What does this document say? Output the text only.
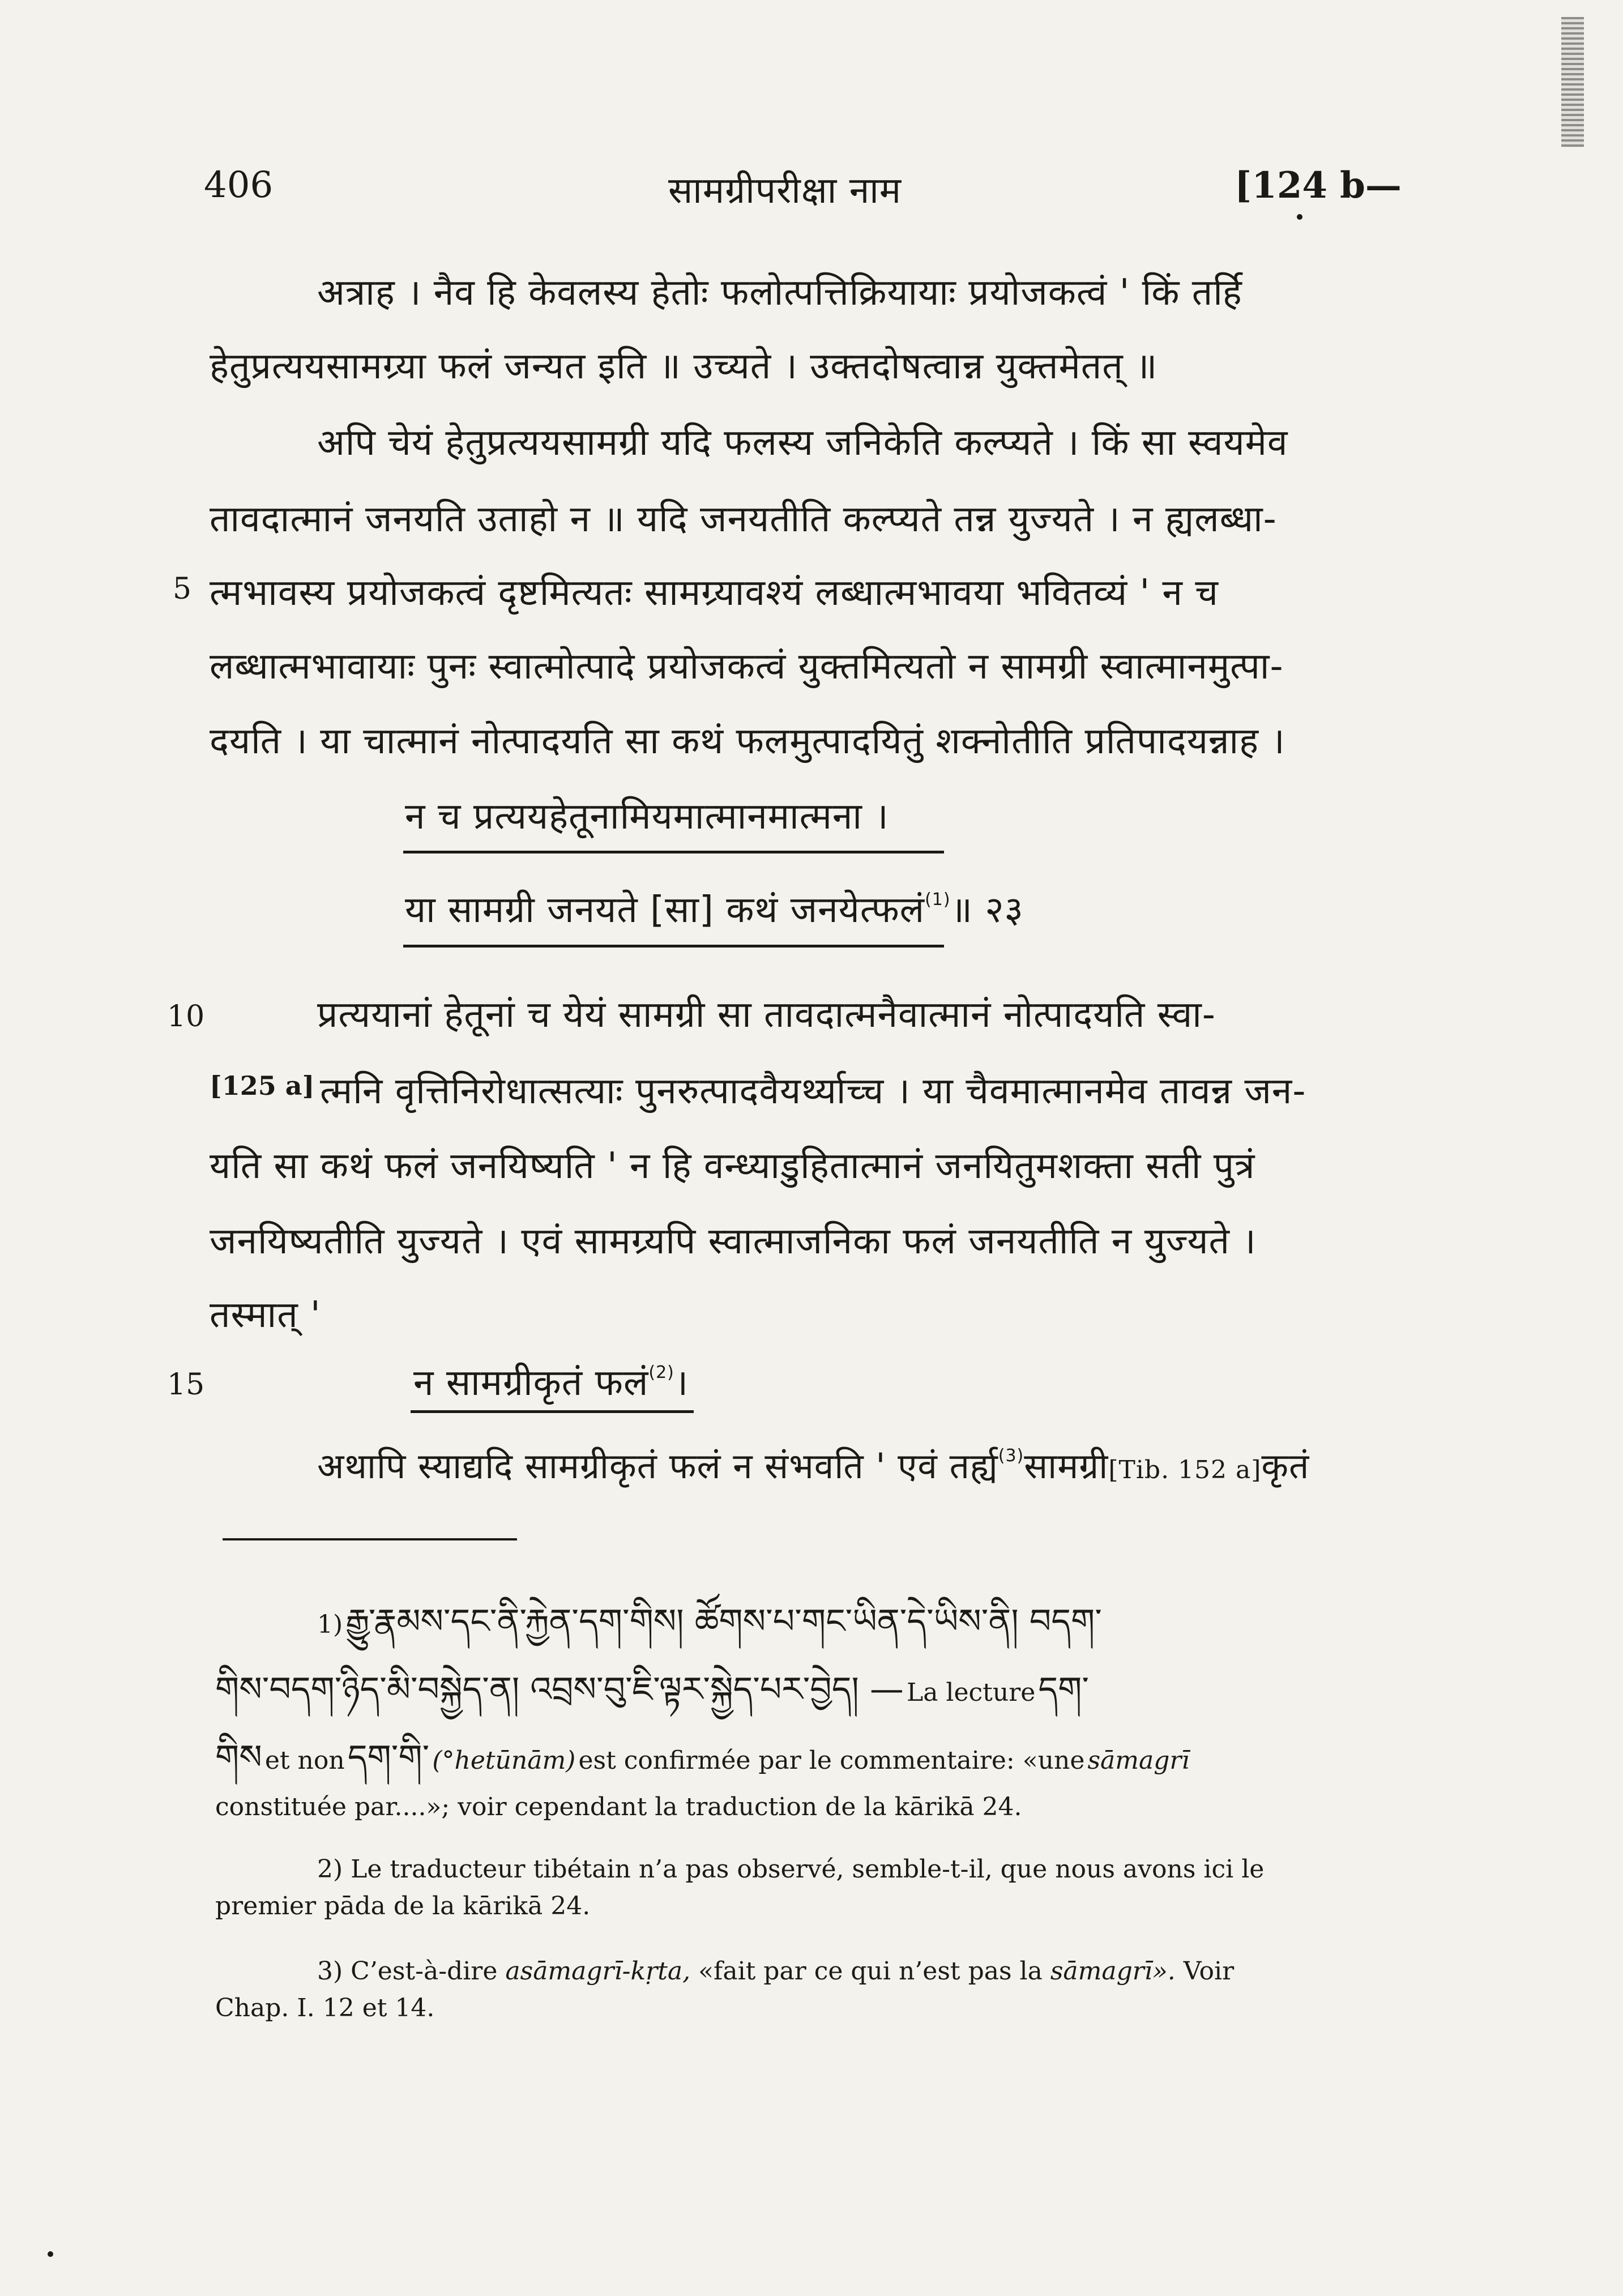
406	सामग्रीपरीक्षा नाम	[124 b—
अत्राह । नैव हि केवलस्य हेतोः फलोत्पत्तिक्रियायाः प्रयोजकत्वं ' किं तर्हि
हेतुप्रत्ययसामग्र्या फलं जन्यत इति ॥ उच्यते । उक्तदोषत्वान्न युक्तमेतत् ॥
अपि चेयं हेतुप्रत्ययसामग्री यदि फलस्य जनिकेति कल्प्यते । किं सा स्वयमेव
तावदात्मानं जनयति उताहो न ॥ यदि जनयतीति कल्प्यते तन्न युज्यते । न ह्यलब्धा-
5 त्मभावस्य प्रयोजकत्वं दृष्टमित्यतः सामग्र्यावश्यं लब्धात्मभावया भवितव्यं ' न च
लब्धात्मभावायाः पुनः स्वात्मोत्पादे प्रयोजकत्वं युक्तमित्यतो न सामग्री स्वात्मानमुत्पा-
दयति । या चात्मानं नोत्पादयति सा कथं फलमुत्पादयितुं शक्नोतीति प्रतिपादयन्नाह ।
न च प्रत्ययहेतूनामियमात्मानमात्मना ।
या सामग्री जनयते [सा] कथं जनयेत्फलं$^{(1)}$॥ २३
10	प्रत्ययानां हेतूनां च येयं सामग्री सा तावदात्मनैवात्मानं नोत्पादयति स्वा-
[125 a] त्मनि वृत्तिनिरोधात्सत्याः पुनरुत्पादवैयर्थ्याच्च । या चैवमात्मानमेव तावन्न जन-
यति सा कथं फलं जनयिष्यति ' न हि वन्ध्याडुहितात्मानं जनयितुमशक्ता सती पुत्रं
जनयिष्यतीति युज्यते । एवं सामग्र्यपि स्वात्माजनिका फलं जनयतीति न युज्यते ।
तस्मात् '
15	न सामग्रीकृतं फलं$^{(2)}$।
अथापि स्याद्यदि सामग्रीकृतं फलं न संभवति ' एवं तर्ह्य$^{(3)}$सामग्री[Tib. 152 a]कृतं
1) རྒྱུ་རྣམས་དང་ནི་རྐྱེན་དག་གིས། ཚོགས་པ་གང་ཡིན་དེ་ཡིས་ནི། བདག་
གིས་བདག་ཉིད་མི་བསྐྱེད་ན། འབྲས་བུ་ཇི་ལྟར་སྐྱེད་པར་བྱེད། — La lecture དག་
གིས et non དག་གི་ (°hetūnām) est confirmée par le commentaire: «une sāmagrī
constituée par....»; voir cependant la traduction de la kārikā 24.
2) Le traducteur tibétain n’a pas observé, semble-t-il, que nous avons ici le
premier pāda de la kārikā 24.
3) C’est-à-dire asāmagrī-kṛta, «fait par ce qui n’est pas la sāmagrī». Voir
Chap. I. 12 et 14.
